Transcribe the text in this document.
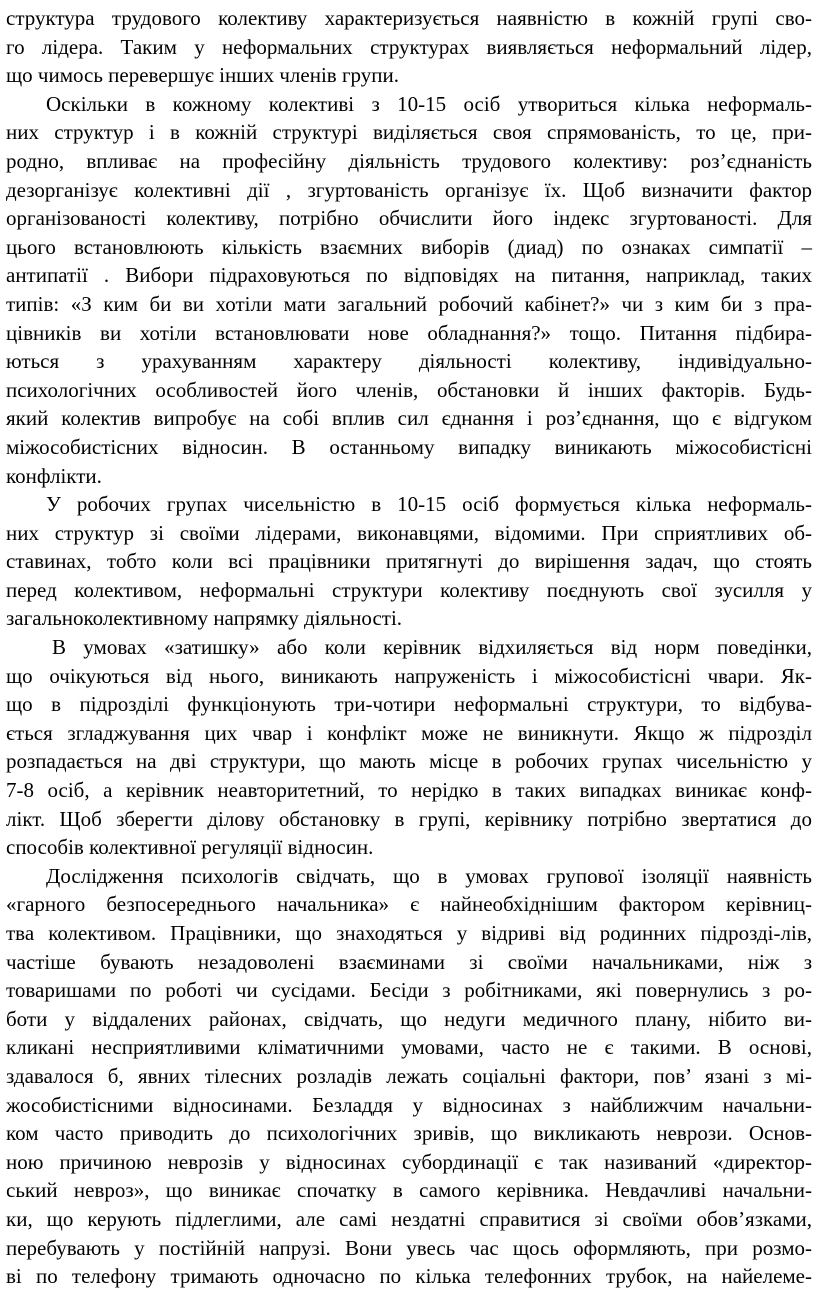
структура трудового колективу характеризується наявністю в кожній групі сво-
го лідера. Таким у неформальних структурах виявляється неформальний лідер,
що чимось перевершує інших членів групи.
Оскільки в кожному колективі з 10-15 осіб утвориться кілька неформаль-
них структур і в кожній структурі виділяється своя спрямованість, то це, при-
родно, впливає на професійну діяльність трудового колективу: роз’єднаність
дезорганізує колективні дії , згуртованість організує їх. Щоб визначити фактор
організованості колективу, потрібно обчислити його індекс згуртованості. Для
цього встановлюють кількість взаємних виборів (диад) по ознаках симпатії –
антипатії . Вибори підраховуються по відповідях на питання, наприклад, таких
типів: «З ким би ви хотіли мати загальний робочий кабінет?» чи з ким би з пра-
цівників ви хотіли встановлювати нове обладнання?» тощо. Питання підбира-
ються з урахуванням характеру діяльності колективу, індивідуально-
психологічних особливостей його членів, обстановки й інших факторів. Будь-
який колектив випробує на собі вплив сил єднання і роз’єднання, що є відгуком
міжособистісних відносин. В останньому випадку виникають міжособистісні
конфлікти.
У робочих групах чисельністю в 10-15 осіб формується кілька неформаль-
них структур зі своїми лідерами, виконавцями, відомими. При сприятливих об-
ставинах, тобто коли всі працівники притягнуті до вирішення задач, що стоять
перед колективом, неформальні структури колективу поєднують свої зусилля у
загальноколективному напрямку діяльності.
В умовах «затишку» або коли керівник відхиляється від норм поведінки,
що очікуються від нього, виникають напруженість і міжособистісні чвари. Як-
що в підрозділі функціонують три-чотири неформальні структури, то відбува-
ється згладжування цих чвар і конфлікт може не виникнути. Якщо ж підрозділ
розпадається на дві структури, що мають місце в робочих групах чисельністю у
7-8 осіб, а керівник неавторитетний, то нерідко в таких випадках виникає конф-
лікт. Щоб зберегти ділову обстановку в групі, керівнику потрібно звертатися до
способів колективної регуляції відносин.
Дослідження психологів свідчать, що в умовах групової ізоляції наявність
«гарного безпосереднього начальника» є найнеобхіднішим фактором керівниц-
тва колективом. Працівники, що знаходяться у відриві від родинних підрозді-лів,
частіше бувають незадоволені взаєминами зі своїми начальниками, ніж з
товаришами по роботі чи сусідами. Бесіди з робітниками, які повернулись з ро-
боти у віддалених районах, свідчать, що недуги медичного плану, нібито ви-
кликані несприятливими кліматичними умовами, часто не є такими. В основі,
здавалося б, явних тілесних розладів лежать соціальні фактори, пов’ язані з мі-
жособистісними відносинами. Безладдя у відносинах з найближчим начальни-
ком часто приводить до психологічних зривів, що викликають неврози. Основ-
ною причиною неврозів у відносинах субординації є так називаний «директор-
ський невроз», що виникає спочатку в самого керівника. Невдачливі начальни-
ки, що керують підлеглими, але самі нездатні справитися зі своїми обов’язками,
перебувають у постійній напрузі. Вони увесь час щось оформляють, при розмо-
ві по телефону тримають одночасно по кілька телефонних трубок, на найелеме-
